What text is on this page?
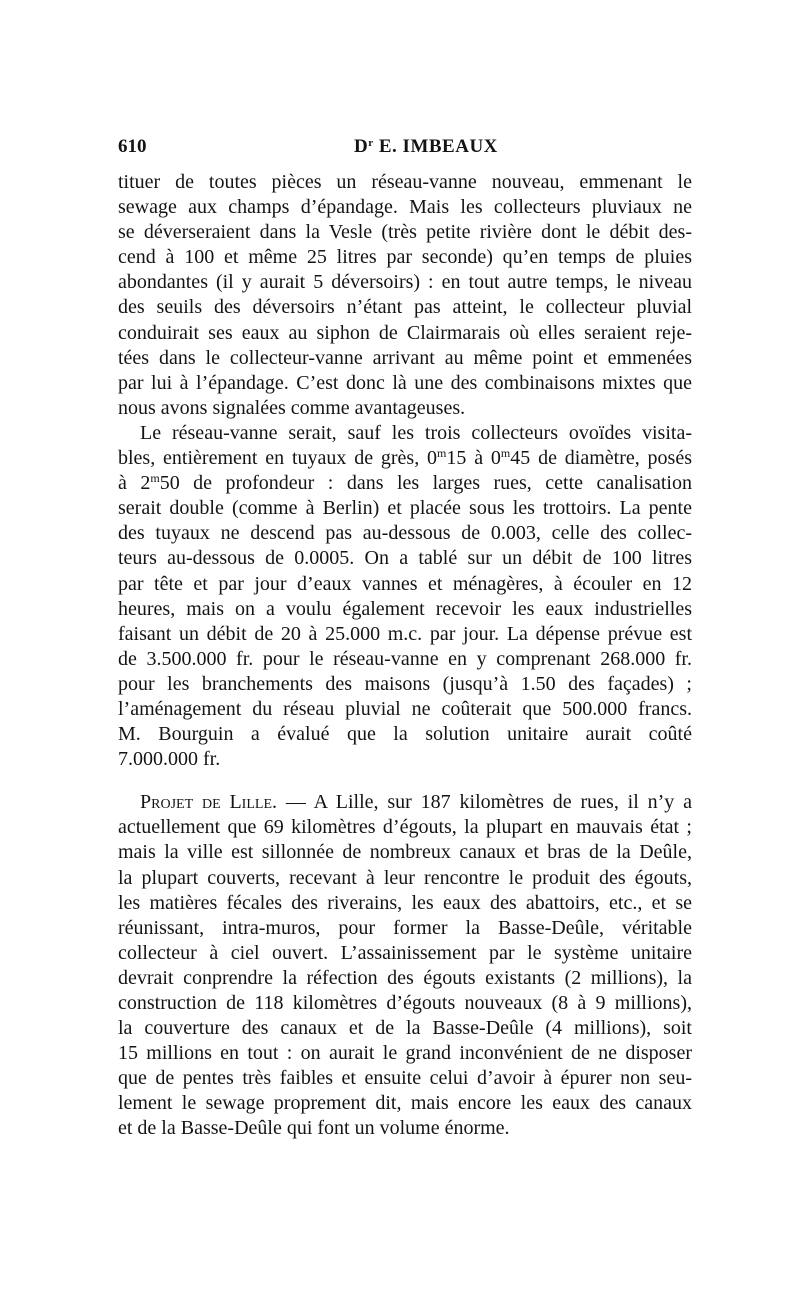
610	$D^r$ E. IMBEAUX
tituer de toutes pièces un réseau-vanne nouveau, emmenant le
sewage aux champs d’épandage. Mais les collecteurs pluviaux ne
se déverseraient dans la Vesle (très petite rivière dont le débit des-
cend à 100 et même 25 litres par seconde) qu’en temps de pluies
abondantes (il y aurait 5 déversoirs) : en tout autre temps, le niveau
des seuils des déversoirs n’étant pas atteint, le collecteur pluvial
conduirait ses eaux au siphon de Clairmarais où elles seraient reje-
tées dans le collecteur-vanne arrivant au même point et emmenées
par lui à l’épandage. C’est donc là une des combinaisons mixtes que
nous avons signalées comme avantageuses.
Le réseau-vanne serait, sauf les trois collecteurs ovoïdes visita-
bles, entièrement en tuyaux de grès, 0$^m$15 à 0$^m$45 de diamètre, posés
à 2$^m$50 de profondeur : dans les larges rues, cette canalisation
serait double (comme à Berlin) et placée sous les trottoirs. La pente
des tuyaux ne descend pas au-dessous de 0.003, celle des collec-
teurs au-dessous de 0.0005. On a tablé sur un débit de 100 litres
par tête et par jour d’eaux vannes et ménagères, à écouler en 12
heures, mais on a voulu également recevoir les eaux industrielles
faisant un débit de 20 à 25.000 m.c. par jour. La dépense prévue est
de 3.500.000 fr. pour le réseau-vanne en y comprenant 268.000 fr.
pour les branchements des maisons (jusqu’à 1.50 des façades) ;
l’aménagement du réseau pluvial ne coûterait que 500.000 francs.
M. Bourguin a évalué que la solution unitaire aurait coûté
7.000.000 fr.
Projet de Lille. — A Lille, sur 187 kilomètres de rues, il n’y a
actuellement que 69 kilomètres d’égouts, la plupart en mauvais état ;
mais la ville est sillonnée de nombreux canaux et bras de la Deûle,
la plupart couverts, recevant à leur rencontre le produit des égouts,
les matières fécales des riverains, les eaux des abattoirs, etc., et se
réunissant, intra-muros, pour former la Basse-Deûle, véritable
collecteur à ciel ouvert. L’assainissement par le système unitaire
devrait conprendre la réfection des égouts existants (2 millions), la
construction de 118 kilomètres d’égouts nouveaux (8 à 9 millions),
la couverture des canaux et de la Basse-Deûle (4 millions), soit
15 millions en tout : on aurait le grand inconvénient de ne disposer
que de pentes très faibles et ensuite celui d’avoir à épurer non seu-
lement le sewage proprement dit, mais encore les eaux des canaux
et de la Basse-Deûle qui font un volume énorme.
